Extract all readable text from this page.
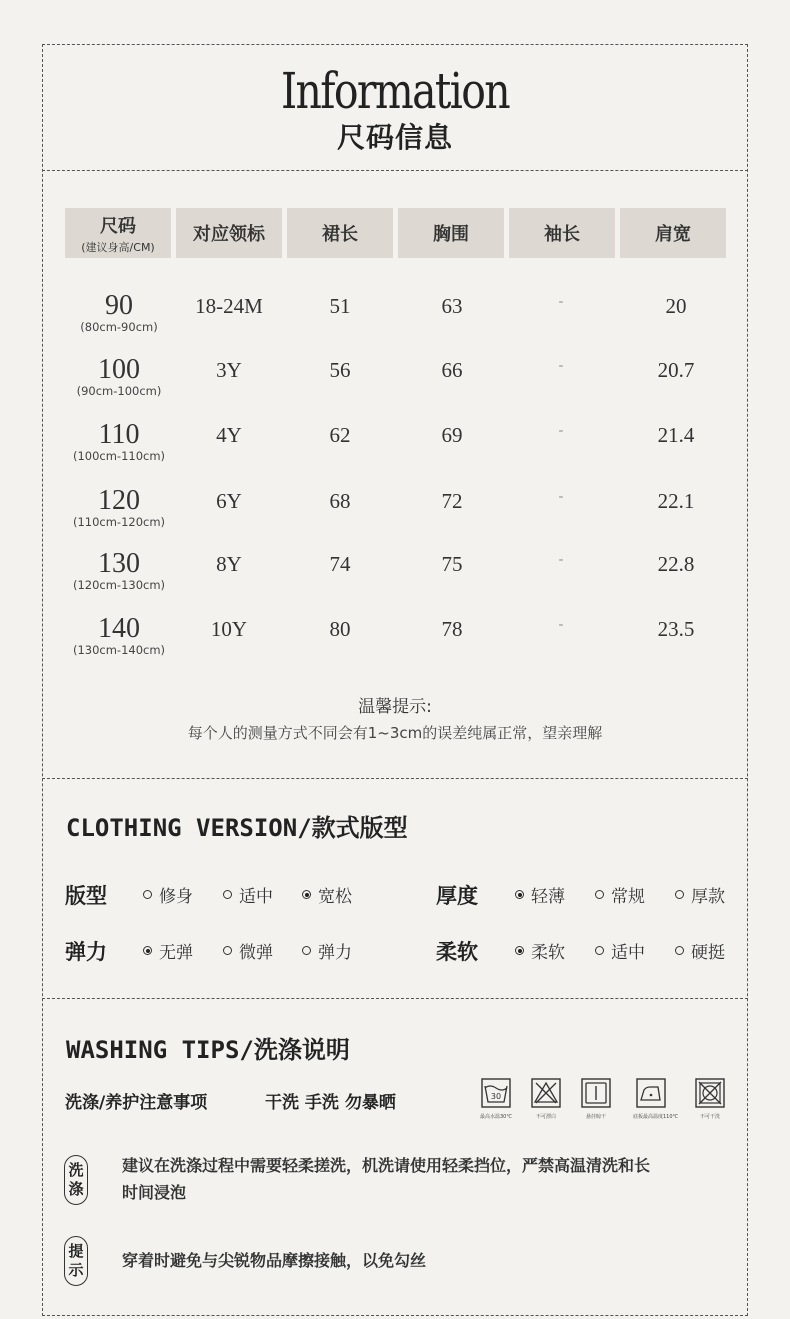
Information
尺码信息
尺码
(建议身高/CM)
对应领标	裙长	胸围	袖长	肩宽
90
(80cm-90cm)
18-24M	51	63	-	20
100
(90cm-100cm)
3Y	56	66	-	20.7
110
(100cm-110cm)
4Y	62	69	-	21.4
120
(110cm-120cm)
6Y	68	72	-	22.1
130
(120cm-130cm)
8Y	74	75	-	22.8
140
(130cm-140cm)
10Y	80	78	-	23.5
温馨提示:
每个人的测量方式不同会有1~3cm的误差纯属正常，望亲理解
CLOTHING VERSION/款式版型
版型	修身	适中	宽松	厚度	轻薄	常规	厚款
弹力	无弹	微弹	弹力	柔软	柔软	适中	硬挺
WASHING TIPS/洗涤说明
洗涤/养护注意事项	干洗 手洗 勿暴晒	30
最高水温30℃	不可漂白	悬挂晾干	底板最高温度110℃	不可干洗
洗
涤
建议在洗涤过程中需要轻柔搓洗，机洗请使用轻柔挡位，严禁高温清洗和长时间浸泡
提
示 穿着时避免与尖锐物品摩擦接触，以免勾丝
